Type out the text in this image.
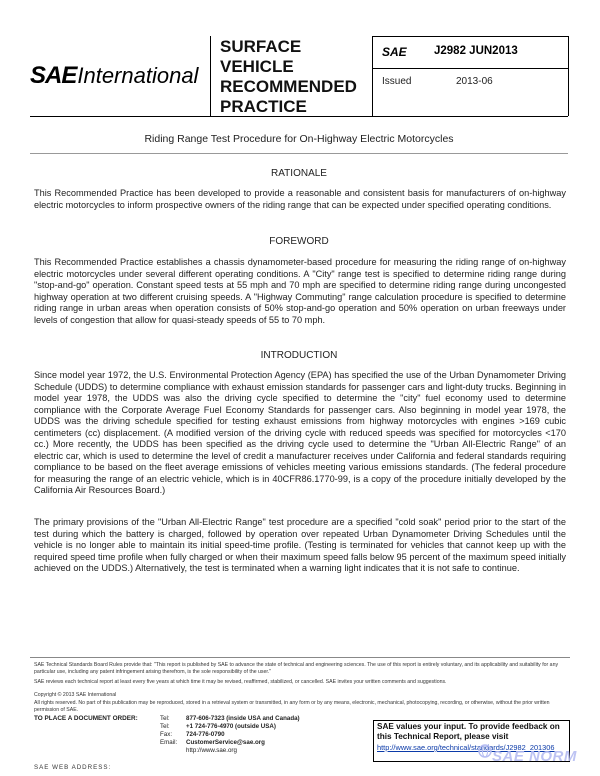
SAE International
SURFACE
VEHICLE
RECOMMENDED
PRACTICE
SAE J2982 JUN2013
Issued	2013-06
Riding Range Test Procedure for On-Highway Electric Motorcycles
RATIONALE
This Recommended Practice has been developed to provide a reasonable and consistent basis for manufacturers of on-highway electric motorcycles to inform prospective owners of the riding range that can be expected under specified operating conditions.
FOREWORD
This Recommended Practice establishes a chassis dynamometer-based procedure for measuring the riding range of on-highway electric motorcycles under several different operating conditions. A "City" range test is specified to determine riding range during "stop-and-go" operation. Constant speed tests at 55 mph and 70 mph are specified to determine riding range during uncongested highway operation at two different cruising speeds. A "Highway Commuting" range calculation procedure is specified to determine riding range in urban areas when operation consists of 50% stop-and-go operation and 50% operation on urban freeways under levels of congestion that allow for quasi-steady speeds of 55 to 70 mph.
INTRODUCTION
Since model year 1972, the U.S. Environmental Protection Agency (EPA) has specified the use of the Urban Dynamometer Driving Schedule (UDDS) to determine compliance with exhaust emission standards for passenger cars and light-duty trucks. Beginning in model year 1978, the UDDS was also the driving cycle specified to determine the "city" fuel economy used to determine compliance with the Corporate Average Fuel Economy Standards for passenger cars. Also beginning in model year 1978, the UDDS was the driving schedule specified for testing exhaust emissions from highway motorcycles with engines >169 cubic centimeters (cc) displacement. (A modified version of the driving cycle with reduced speeds was specified for motorcycles <170 cc.) More recently, the UDDS has been specified as the driving cycle used to determine the "Urban All-Electric Range" of an electric car, which is used to determine the level of credit a manufacturer receives under California and federal standards requiring compliance to be based on the fleet average emissions of vehicles meeting various emissions standards. (The federal procedure for measuring the range of an electric vehicle, which is in 40CFR86.1770-99, is a copy of the procedure initially developed by the California Air Resources Board.)
The primary provisions of the "Urban All-Electric Range" test procedure are a specified "cold soak" period prior to the start of the test during which the battery is charged, followed by operation over repeated Urban Dynamometer Driving Schedules until the vehicle is no longer able to maintain its initial speed-time profile. (Testing is terminated for vehicles that cannot keep up with the required speed time profile when fully charged or when their maximum speed falls below 95 percent of the maximum speed initially achieved on the UDDS.) Alternatively, the test is terminated when a warning light indicates that it is not safe to continue.
SAE Technical Standards Board Rules provide that: "This report is published by SAE to advance the state of technical and engineering sciences. The use of this report is entirely voluntary, and its applicability and suitability for any particular use, including any patent infringement arising therefrom, is the sole responsibility of the user."
SAE reviews each technical report at least every five years at which time it may be revised, reaffirmed, stabilized, or cancelled. SAE invites your written comments and suggestions.
Copyright © 2013 SAE International
All rights reserved. No part of this publication may be reproduced, stored in a retrieval system or transmitted, in any form or by any means, electronic, mechanical, photocopying, recording, or otherwise, without the prior written permission of SAE.
TO PLACE A DOCUMENT ORDER:	Tel:	877-606-7323 (inside USA and Canada)
Tel:	+1 724-776-4970 (outside USA)
Fax: 724-776-0790
Email: CustomerService@sae.org
http://www.sae.org
SAE WEB ADDRESS:
SAE values your input. To provide feedback on this Technical Report, please visit
http://www.sae.org/technical/standards/J2982_201306
SAE NORM
